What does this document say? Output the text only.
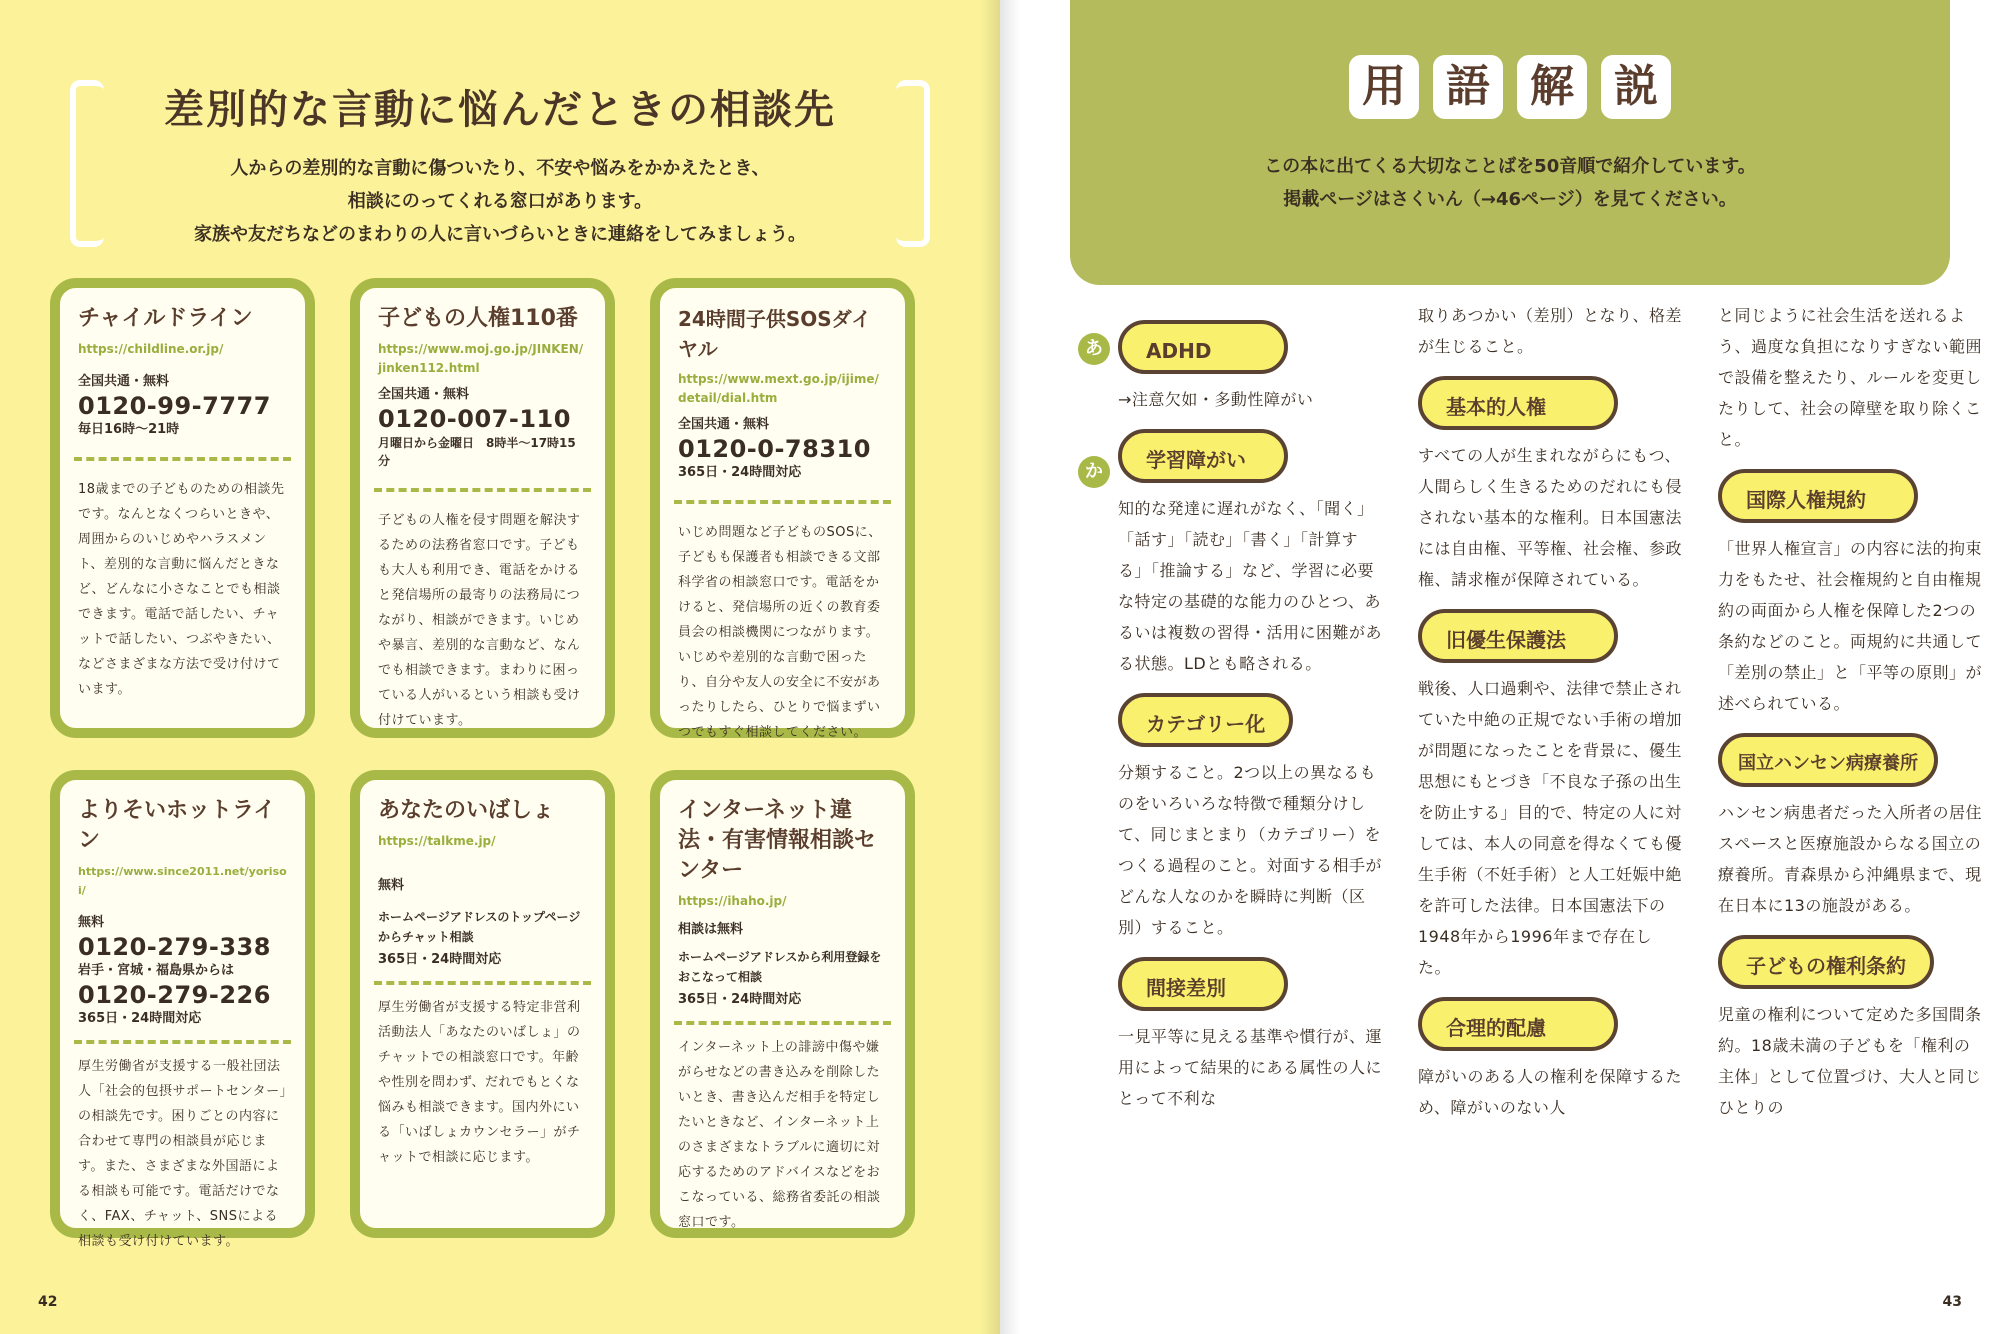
差別的な言動に悩んだときの相談先
人からの差別的な言動に傷ついたり、不安や悩みをかかえたとき、
相談にのってくれる窓口があります。
家族や友だちなどのまわりの人に言いづらいときに連絡をしてみましょう。
チャイルドライン
https://childline.or.jp/
全国共通・無料
0120-99-7777
毎日16時～21時
18歳までの子どものための相談先です。なんとなくつらいときや、周囲からのいじめやハラスメント、差別的な言動に悩んだときなど、どんなに小さなことでも相談できます。電話で話したい、チャットで話したい、つぶやきたい、などさまざまな方法で受け付けています。
子どもの人権110番
https://www.moj.go.jp/JINKEN/jinken112.html
全国共通・無料
0120-007-110
月曜日から金曜日　8時半～17時15分
子どもの人権を侵す問題を解決するための法務省窓口です。子どもも大人も利用でき、電話をかけると発信場所の最寄りの法務局につながり、相談ができます。いじめや暴言、差別的な言動など、なんでも相談できます。まわりに困っている人がいるという相談も受け付けています。
24時間子供SOSダイヤル
https://www.mext.go.jp/ijime/detail/dial.htm
全国共通・無料
0120-0-78310
365日・24時間対応
いじめ問題など子どものSOSに、子どもも保護者も相談できる文部科学省の相談窓口です。電話をかけると、発信場所の近くの教育委員会の相談機関につながります。いじめや差別的な言動で困ったり、自分や友人の安全に不安があったりしたら、ひとりで悩まずいつでもすぐ相談してください。
よりそいホットライン
https://www.since2011.net/yorisoi/
無料
0120-279-338
岩手・宮城・福島県からは
0120-279-226
365日・24時間対応
厚生労働省が支援する一般社団法人「社会的包摂サポートセンター」の相談先です。困りごとの内容に合わせて専門の相談員が応じます。また、さまざまな外国語による相談も可能です。電話だけでなく、FAX、チャット、SNSによる相談も受け付けています。
あなたのいばしょ
https://talkme.jp/
無料
ホームページアドレスのトップページからチャット相談
365日・24時間対応
厚生労働省が支援する特定非営利活動法人「あなたのいばしょ」のチャットでの相談窓口です。年齢や性別を問わず、だれでもとくな悩みも相談できます。国内外にいる「いばしょカウンセラー」がチャットで相談に応じます。
インターネット違法・有害情報相談センター
https://ihaho.jp/
相談は無料
ホームページアドレスから利用登録をおこなって相談
365日・24時間対応
インターネット上の誹謗中傷や嫌がらせなどの書き込みを削除したいとき、書き込んだ相手を特定したいときなど、インターネット上のさまざまなトラブルに適切に対応するためのアドバイスなどをおこなっている、総務省委託の相談窓口です。
42
用 語 解 説
この本に出てくる大切なことばを50音順で紹介しています。
掲載ページはさくいん（→46ページ）を見てください。
あ
か
ADHD
→注意欠如・多動性障がい
学習障がい
知的な発達に遅れがなく、「聞く」「話す」「読む」「書く」「計算する」「推論する」など、学習に必要な特定の基礎的な能力のひとつ、あるいは複数の習得・活用に困難がある状態。LDとも略される。
カテゴリー化
分類すること。2つ以上の異なるものをいろいろな特徴で種類分けして、同じまとまり（カテゴリー）をつくる過程のこと。対面する相手がどんな人なのかを瞬時に判断（区別）すること。
間接差別
一見平等に見える基準や慣行が、運用によって結果的にある属性の人にとって不利な
取りあつかい（差別）となり、格差が生じること。
基本的人権
すべての人が生まれながらにもつ、人間らしく生きるためのだれにも侵されない基本的な権利。日本国憲法には自由権、平等権、社会権、参政権、請求権が保障されている。
旧優生保護法
戦後、人口過剰や、法律で禁止されていた中絶の正規でない手術の増加が問題になったことを背景に、優生思想にもとづき「不良な子孫の出生を防止する」目的で、特定の人に対しては、本人の同意を得なくても優生手術（不妊手術）と人工妊娠中絶を許可した法律。日本国憲法下の1948年から1996年まで存在した。
合理的配慮
障がいのある人の権利を保障するため、障がいのない人
と同じように社会生活を送れるよう、過度な負担になりすぎない範囲で設備を整えたり、ルールを変更したりして、社会の障壁を取り除くこと。
国際人権規約
「世界人権宣言」の内容に法的拘束力をもたせ、社会権規約と自由権規約の両面から人権を保障した2つの条約などのこと。両規約に共通して「差別の禁止」と「平等の原則」が述べられている。
国立ハンセン病療養所
ハンセン病患者だった入所者の居住スペースと医療施設からなる国立の療養所。青森県から沖縄県まで、現在日本に13の施設がある。
子どもの権利条約
児童の権利について定めた多国間条約。18歳未満の子どもを「権利の主体」として位置づけ、大人と同じひとりの
43
